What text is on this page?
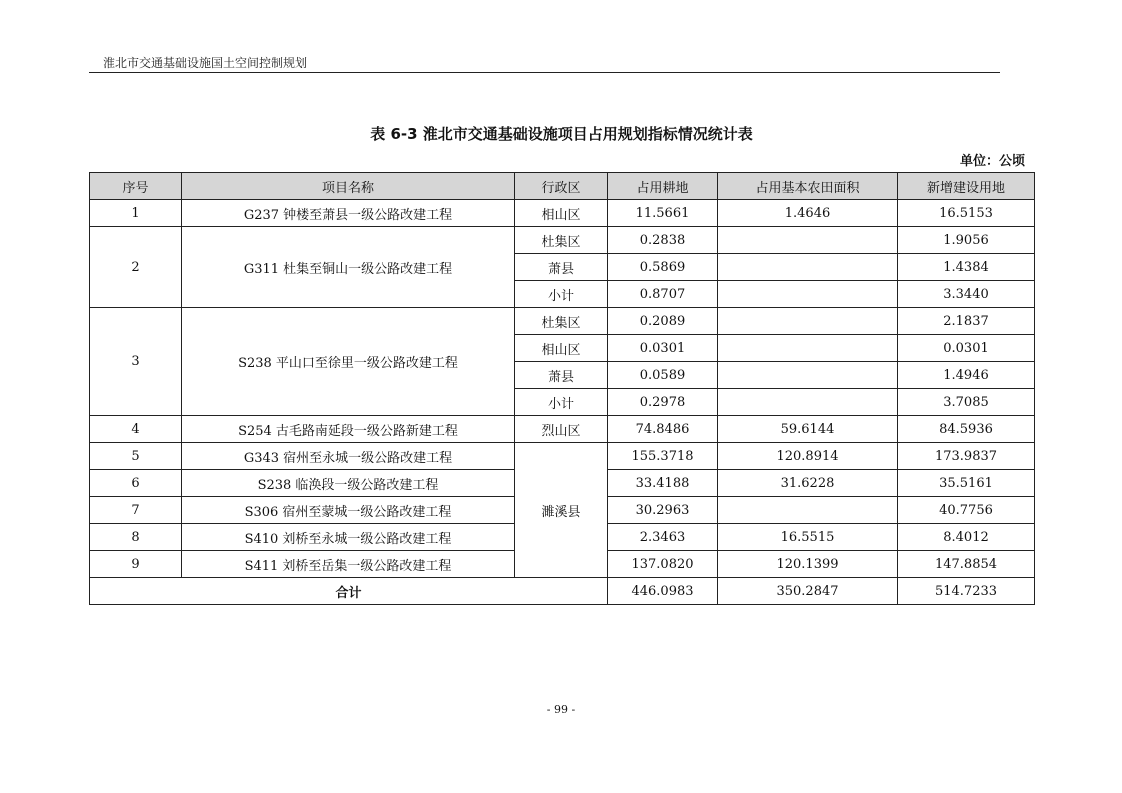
淮北市交通基础设施国土空间控制规划
表 6-3 淮北市交通基础设施项目占用规划指标情况统计表
单位：公顷
序号	项目名称	行政区	占用耕地	占用基本农田面积	新增建设用地
1	G237 钟楼至萧县一级公路改建工程	相山区	11.5661	1.4646	16.5153
2	G311 杜集至铜山一级公路改建工程	杜集区	0.2838		1.9056
		萧县	0.5869		1.4384
		小计	0.8707		3.3440
3	S238 平山口至徐里一级公路改建工程	杜集区	0.2089		2.1837
		相山区	0.0301		0.0301
		萧县	0.0589		1.4946
		小计	0.2978		3.7085
4	S254 古毛路南延段一级公路新建工程	烈山区	74.8486	59.6144	84.5936
5	G343 宿州至永城一级公路改建工程	濉溪县	155.3718	120.8914	173.9837
6	S238 临涣段一级公路改建工程		33.4188	31.6228	35.5161
7	S306 宿州至蒙城一级公路改建工程		30.2963		40.7756
8	S410 刘桥至永城一级公路改建工程		2.3463	16.5515	8.4012
9	S411 刘桥至岳集一级公路改建工程		137.0820	120.1399	147.8854
合计			446.0983	350.2847	514.7233
- 99 -
